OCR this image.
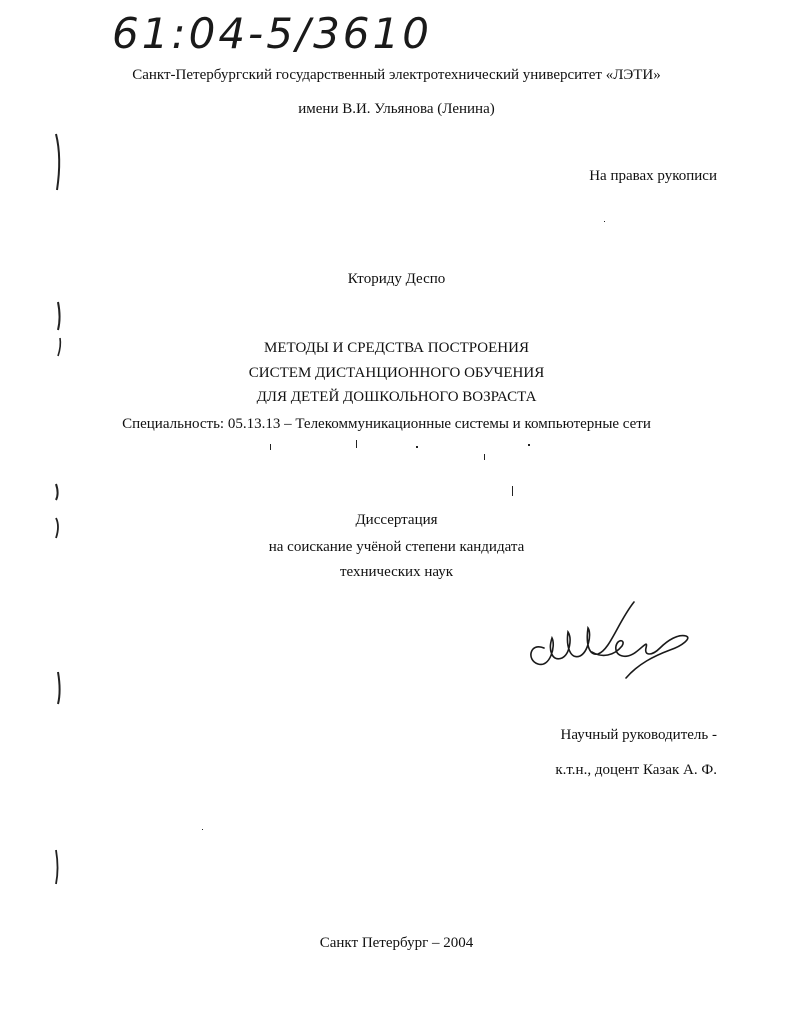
61:04-5/3610
Санкт-Петербургский государственный электротехнический университет «ЛЭТИ»
имени В.И. Ульянова (Ленина)
На правах рукописи
Ктoриду Деспо
МЕТОДЫ И СРЕДСТВА ПОСТРОЕНИЯ
СИСТЕМ ДИСТАНЦИОННОГО ОБУЧЕНИЯ
ДЛЯ ДЕТЕЙ ДОШКОЛЬНОГО ВОЗРАСТА
Специальность: 05.13.13 – Телекоммуникационные системы и компьютерные сети
Диссертация
на соискание учёной степени кандидата
технических наук
Научный руководитель -
к.т.н., доцент Казак А. Ф.
Санкт Петербург – 2004
